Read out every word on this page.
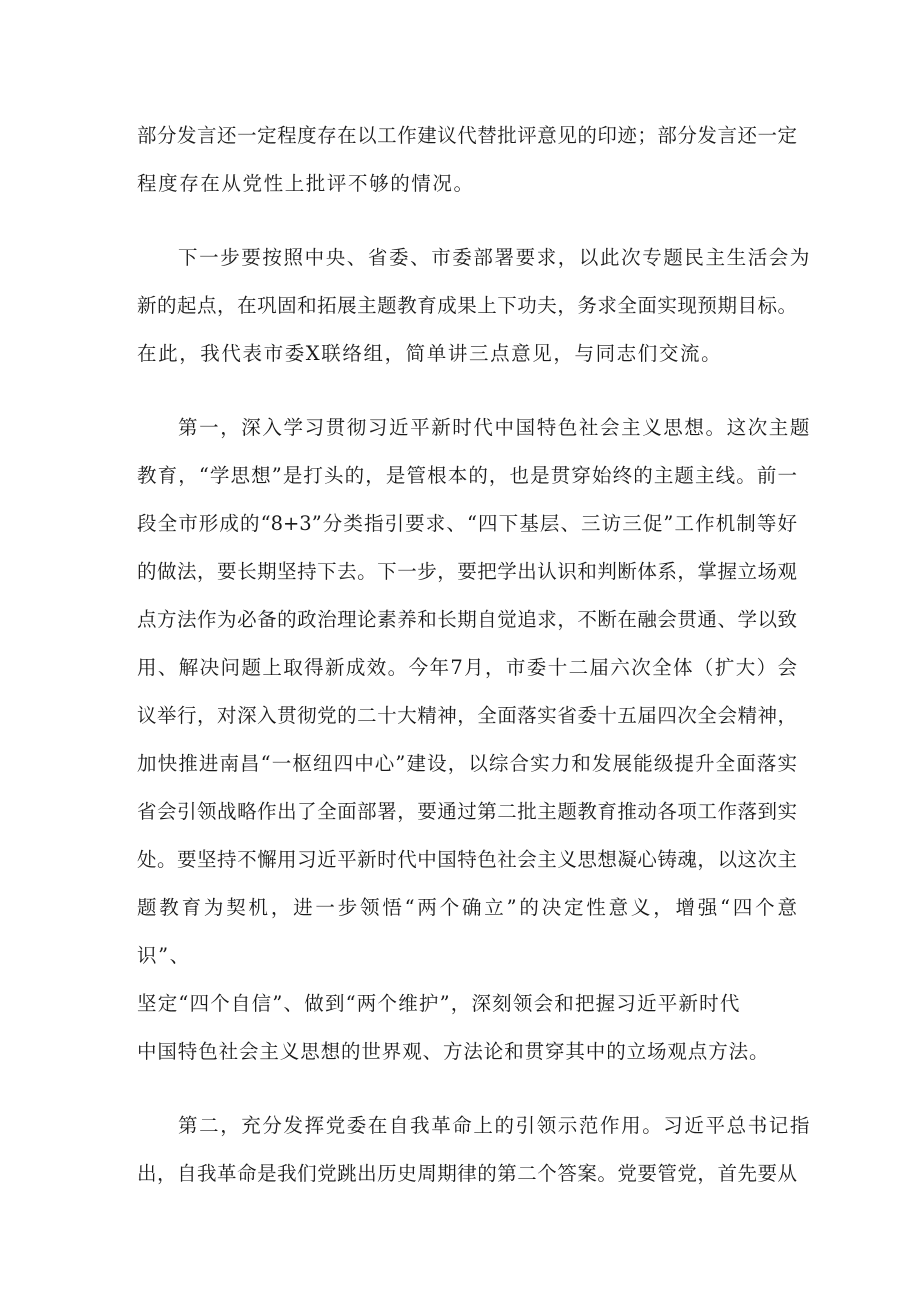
部分发言还一定程度存在以工作建议代替批评意见的印迹；部分发言还一定
程度存在从党性上批评不够的情况。
下一步要按照中央、省委、市委部署要求，以此次专题民主生活会为
新的起点，在巩固和拓展主题教育成果上下功夫，务求全面实现预期目标。
在此，我代表市委X联络组，简单讲三点意见，与同志们交流。
第一，深入学习贯彻习近平新时代中国特色社会主义思想。这次主题
教育，“学思想”是打头的，是管根本的，也是贯穿始终的主题主线。前一
段全市形成的“8+3”分类指引要求、“四下基层、三访三促”工作机制等好
的做法，要长期坚持下去。下一步，要把学出认识和判断体系，掌握立场观
点方法作为必备的政治理论素养和长期自觉追求，不断在融会贯通、学以致
用、解决问题上取得新成效。今年7月，市委十二届六次全体（扩大）会
议举行，对深入贯彻党的二十大精神，全面落实省委十五届四次全会精神，
加快推进南昌“一枢纽四中心”建设，以综合实力和发展能级提升全面落实
省会引领战略作出了全面部署，要通过第二批主题教育推动各项工作落到实
处。要坚持不懈用习近平新时代中国特色社会主义思想凝心铸魂，以这次主
题教育为契机，进一步领悟“两个确立”的决定性意义，增强“四个意
识”、
坚定“四个自信”、做到“两个维护”，深刻领会和把握习近平新时代
中国特色社会主义思想的世界观、方法论和贯穿其中的立场观点方法。
第二，充分发挥党委在自我革命上的引领示范作用。习近平总书记指
出，自我革命是我们党跳出历史周期律的第二个答案。党要管党，首先要从
